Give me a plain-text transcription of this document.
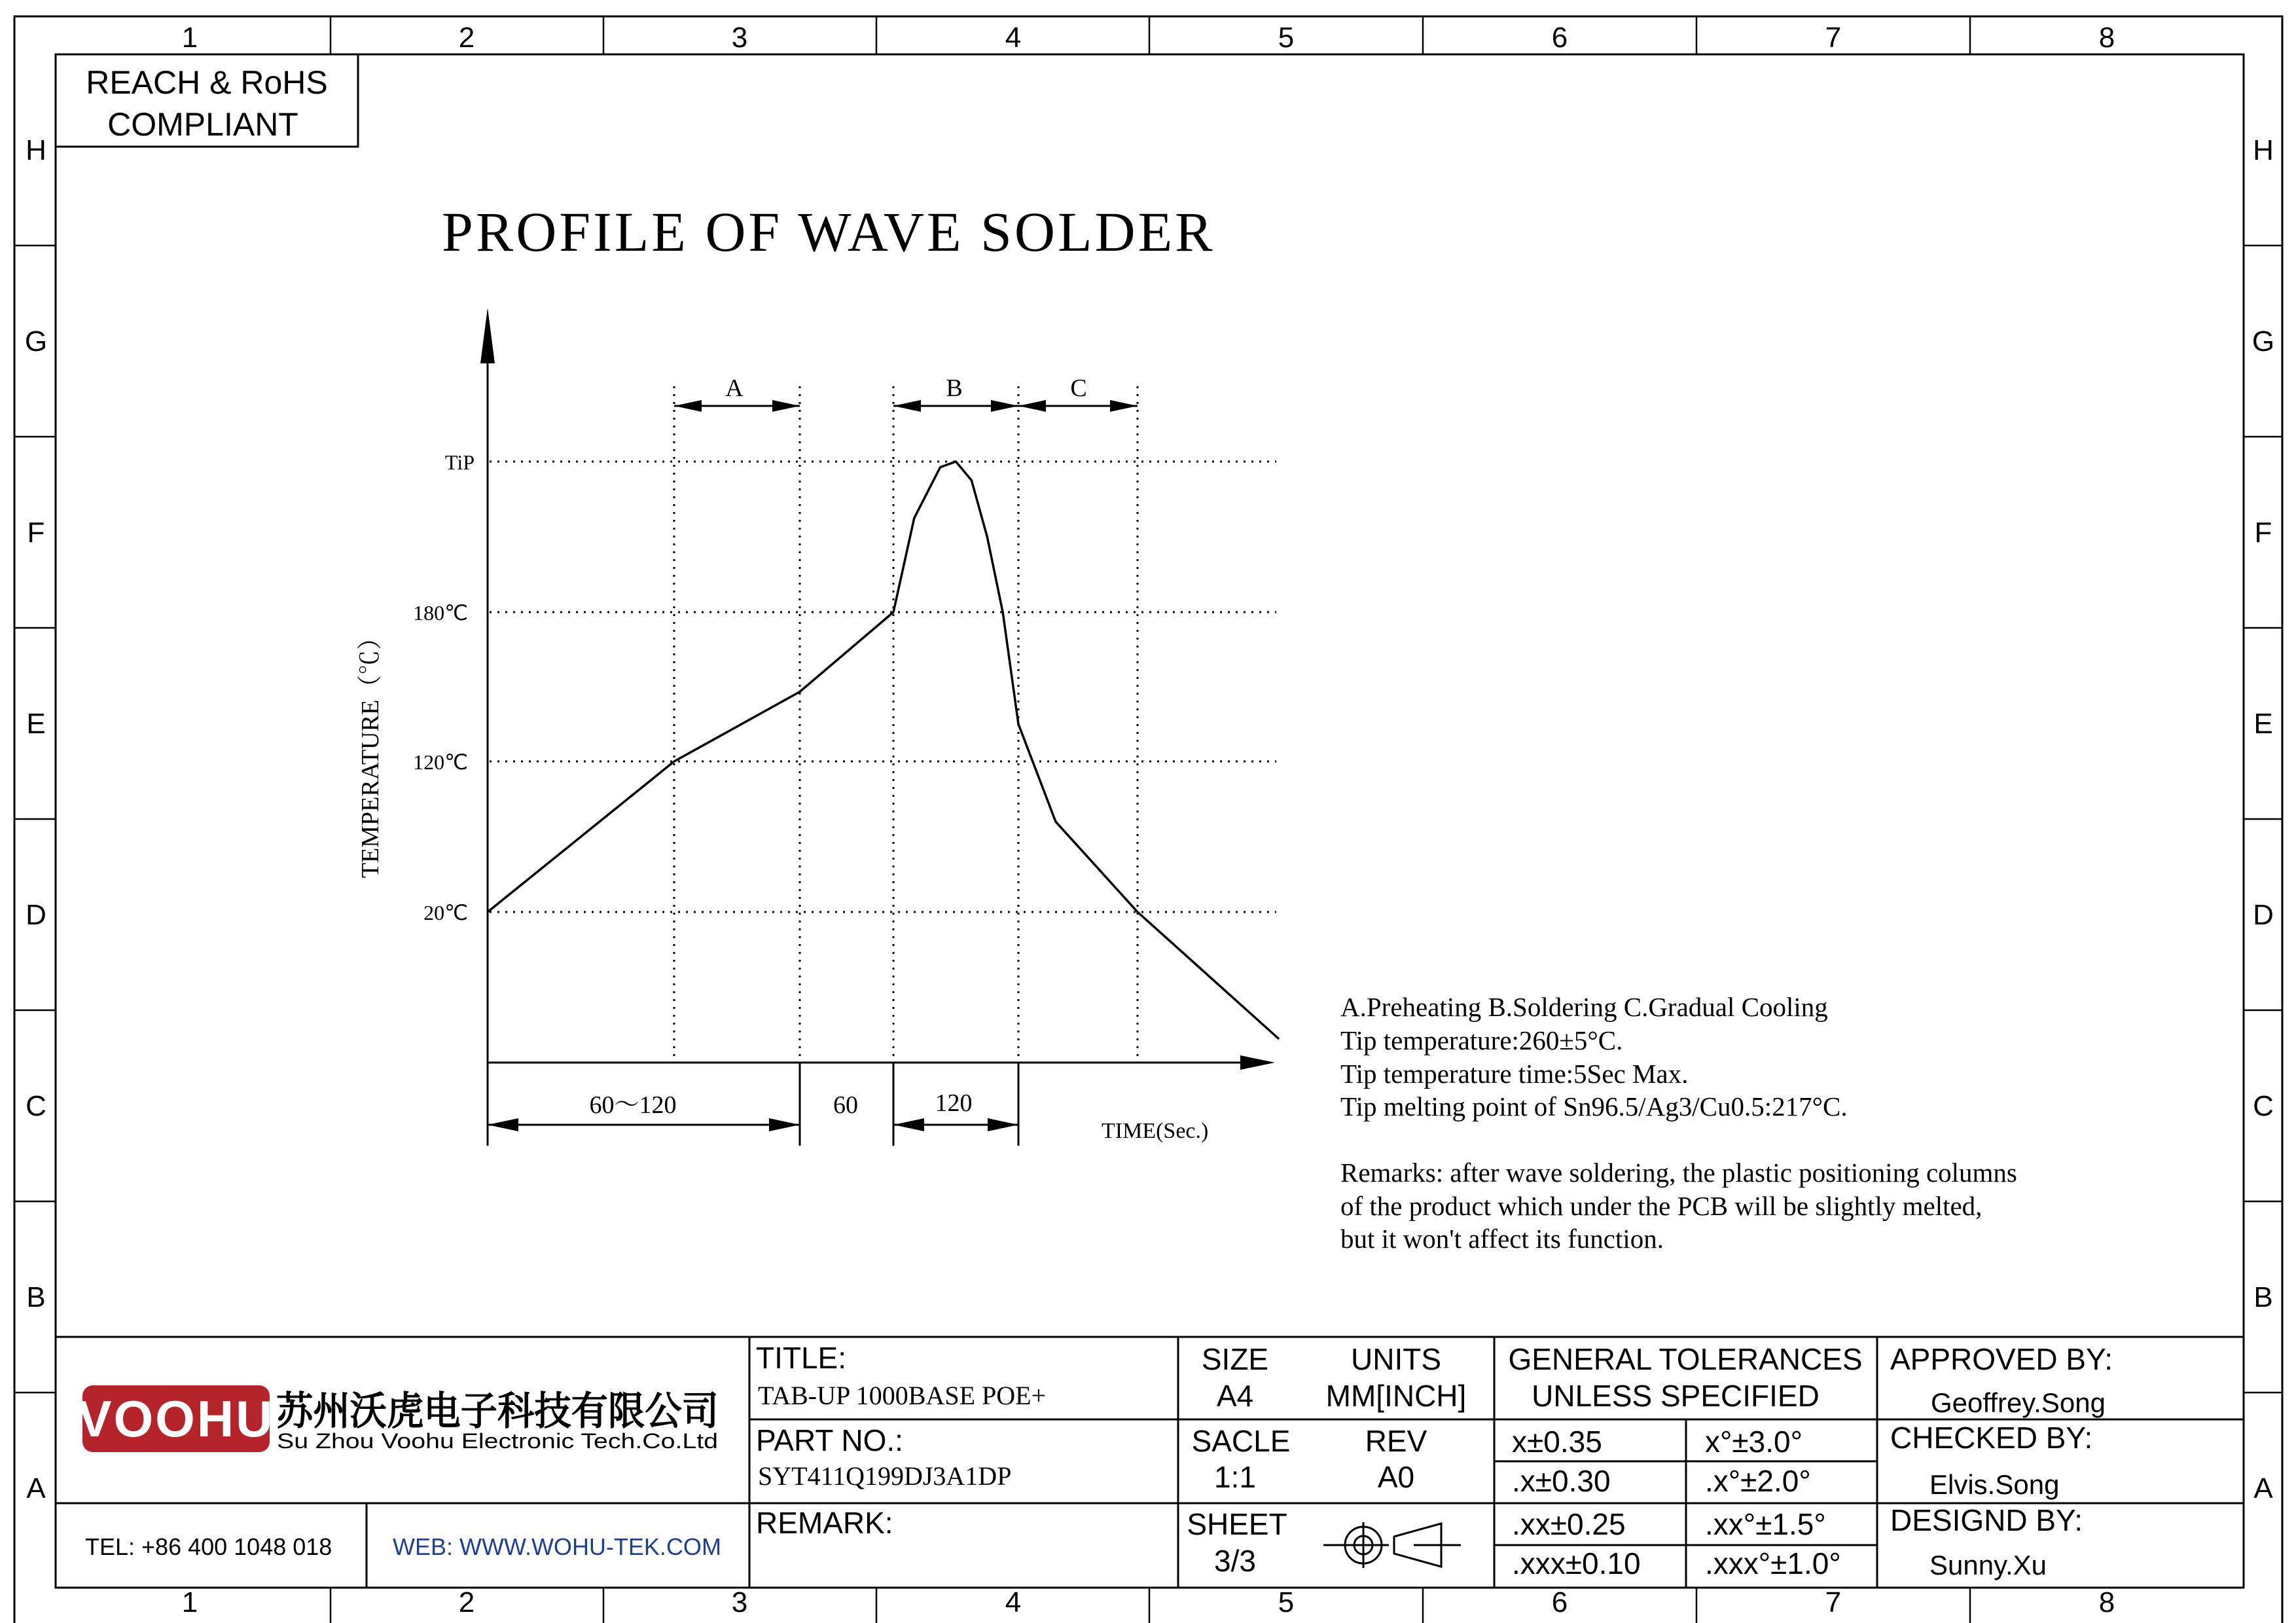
1	2	3	4	5	6	7	8
1	2	3	4	5	6	7	8
H
G
F
E
D
C
B
A
H
G
F
E
D
C
B
A
REACH & RoHS
COMPLIANT
PROFILE OF WAVE SOLDER
TiP
180℃
120℃
20℃
TEMPERATURE（℃）
A	B	C
60～120	60	120
TIME(Sec.)
A.Preheating B.Soldering C.Gradual Cooling
Tip temperature:260±5°C.
Tip temperature time:5Sec Max.
Tip melting point of Sn96.5/Ag3/Cu0.5:217°C.
Remarks: after wave soldering, the plastic positioning columns
of the product which under the PCB will be slightly melted,
but it won't affect its function.
VOOHU 苏州沃虎电子科技有限公司
Su Zhou Voohu Electronic Tech.Co.Ltd
TEL: +86 400 1048 018	WEB: WWW.WOHU-TEK.COM
TITLE:
TAB-UP 1000BASE POE+
PART NO.:
SYT411Q199DJ3A1DP
REMARK:
SIZE
A4
SACLE
1:1
SHEET
3/3
UNITS
MM[INCH]
REV
A0
GENERAL TOLERANCES
UNLESS SPECIFIED
x±0.35	x°±3.0°
.x±0.30	.x°±2.0°
.xx±0.25	.xx°±1.5°
.xxx±0.10 .xxx°±1.0°
APPROVED BY:
Geoffrey.Song
CHECKED BY:
Elvis.Song
DESIGND BY:
Sunny.Xu
